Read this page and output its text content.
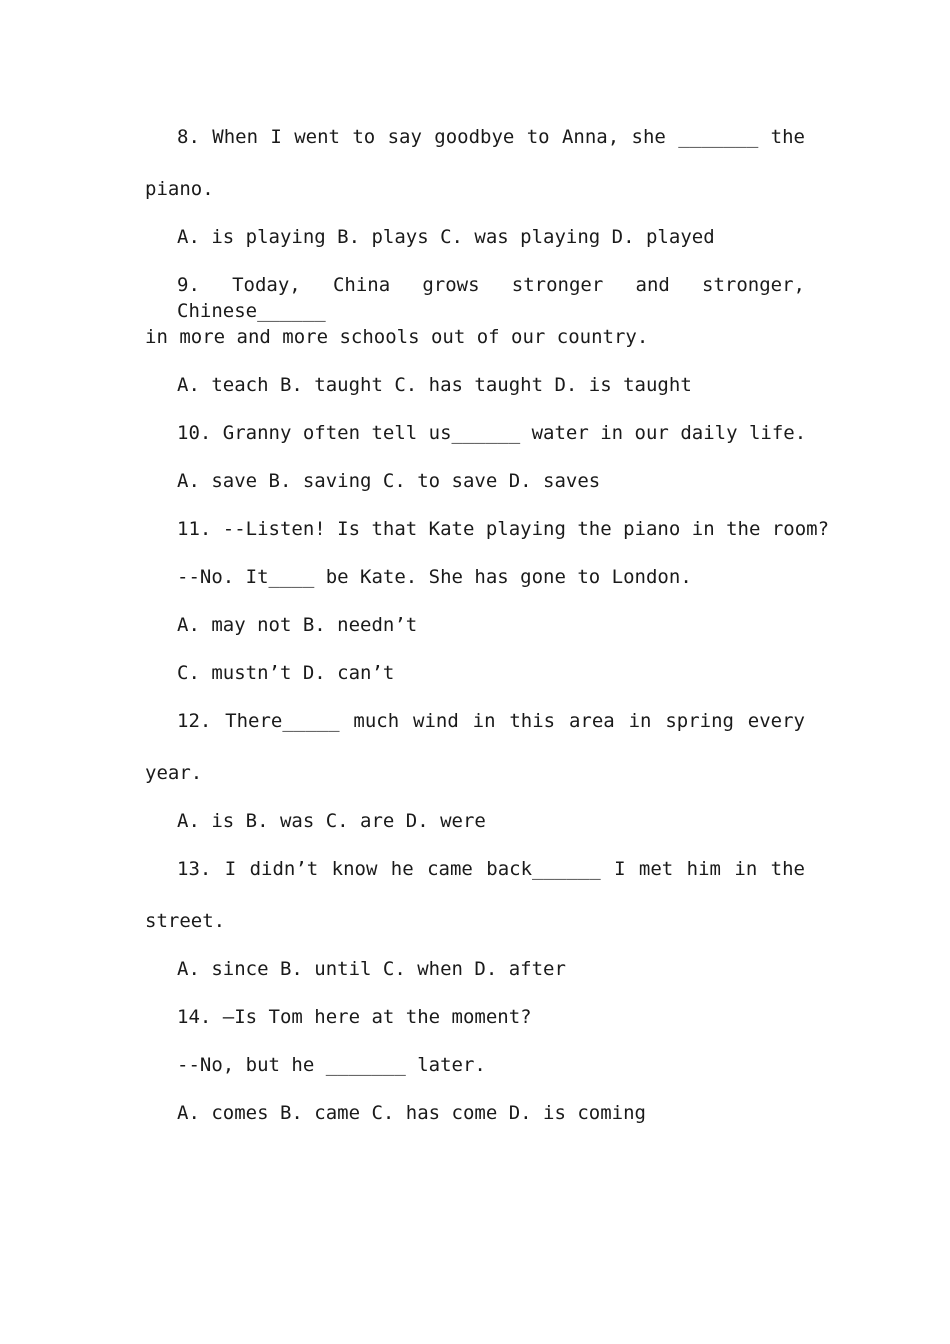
8. When I went to say goodbye to Anna, she _______ the
piano.
A. is playing B. plays C. was playing D. played
9. Today, China grows stronger and stronger, Chinese______
in more and more schools out of our country.
A. teach B. taught C. has taught D. is taught
10. Granny often tell us______ water in our daily life.
A. save B. saving C. to save D. saves
11. --Listen! Is that Kate playing the piano in the room?
--No. It____ be Kate. She has gone to London.
A. may not B. needn’t
C. mustn’t D. can’t
12. There_____ much wind in this area in spring every
year.
A. is B. was C. are D. were
13. I didn’t know he came back______ I met him in the
street.
A. since B. until C. when D. after
14. –Is Tom here at the moment?
--No, but he _______ later.
A. comes B. came C. has come D. is coming
